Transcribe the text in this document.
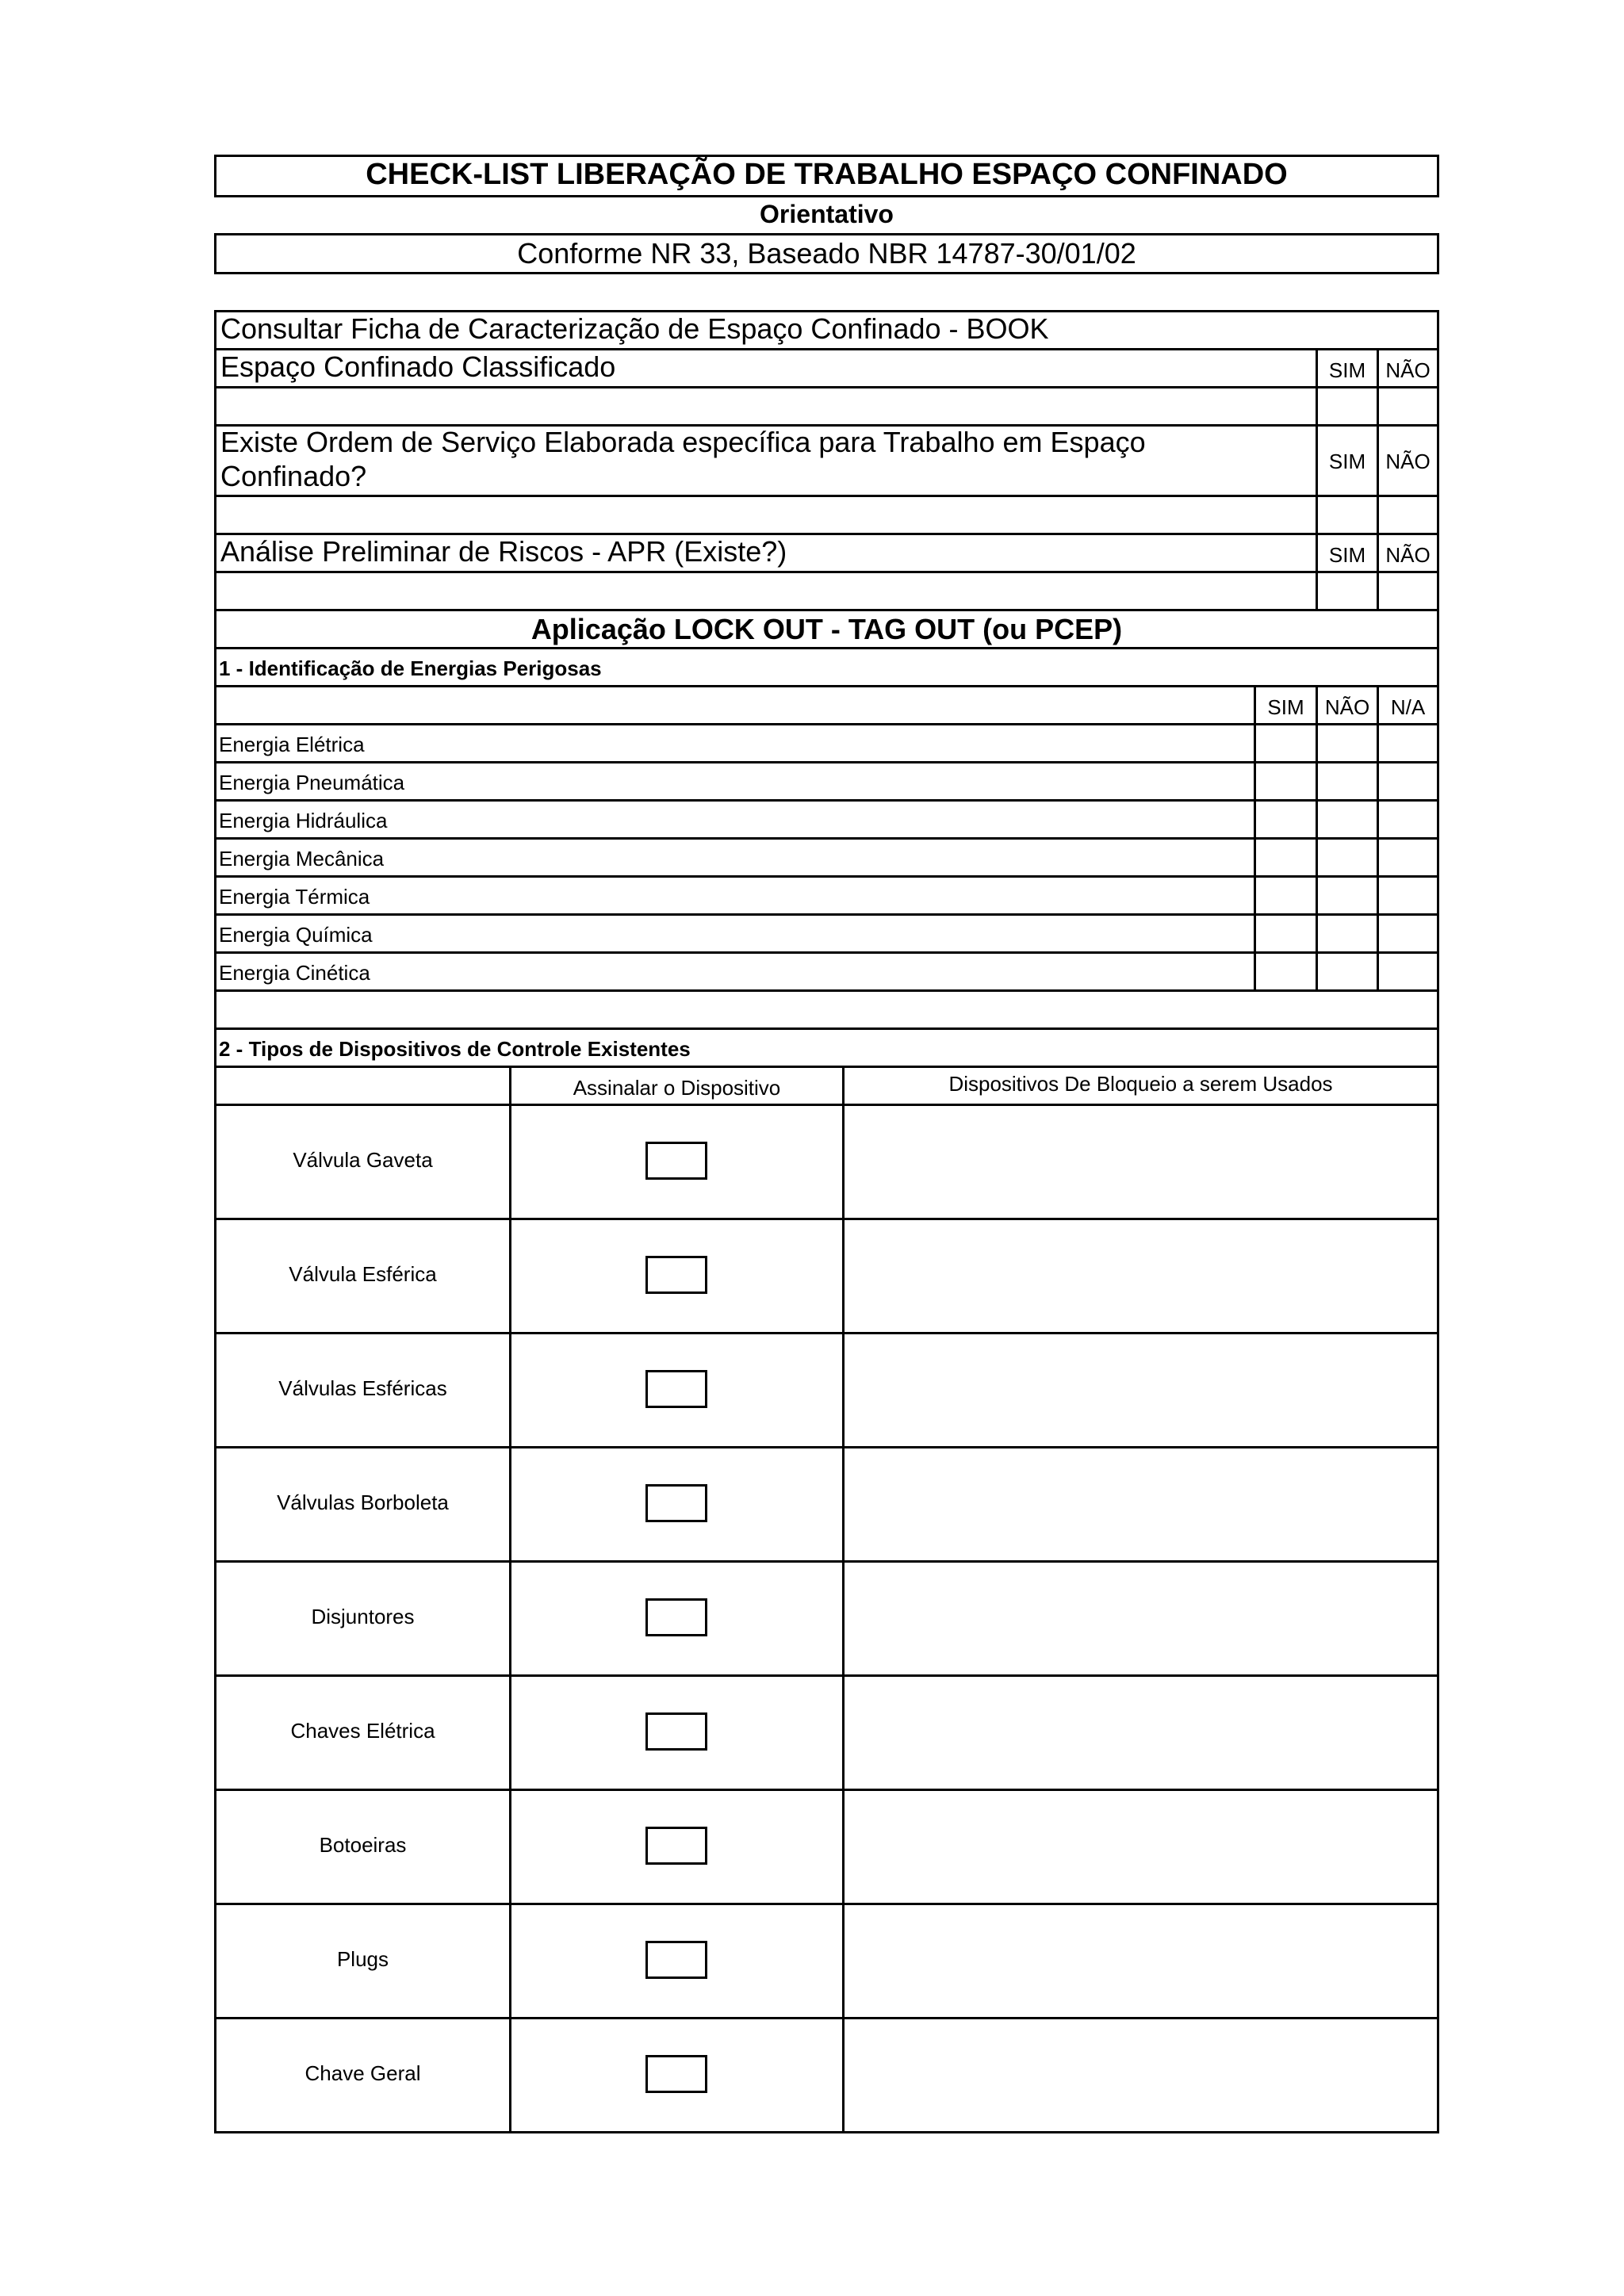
CHECK-LIST LIBERAÇÃO DE TRABALHO ESPAÇO CONFINADO
Orientativo
Conforme NR 33, Baseado NBR 14787-30/01/02
Consultar Ficha de Caracterização de Espaço Confinado - BOOK
Espaço Confinado Classificado	SIM NÃO
Existe Ordem de Serviço Elaborada específica para Trabalho em Espaço
Confinado?	SIM NÃO
Análise Preliminar de Riscos - APR (Existe?)	SIM NÃO
Aplicação LOCK OUT - TAG OUT (ou PCEP)
1 - Identificação de Energias Perigosas
SIM	NÃO	N/A
Energia Elétrica
Energia Pneumática
Energia Hidráulica
Energia Mecânica
Energia Térmica
Energia Química
Energia Cinética
2 - Tipos de Dispositivos de Controle Existentes
Assinalar o Dispositivo	Dispositivos De Bloqueio a serem Usados
Válvula Gaveta
Válvula Esférica
Válvulas Esféricas
Válvulas Borboleta
Disjuntores
Chaves Elétrica
Botoeiras
Plugs
Chave Geral
